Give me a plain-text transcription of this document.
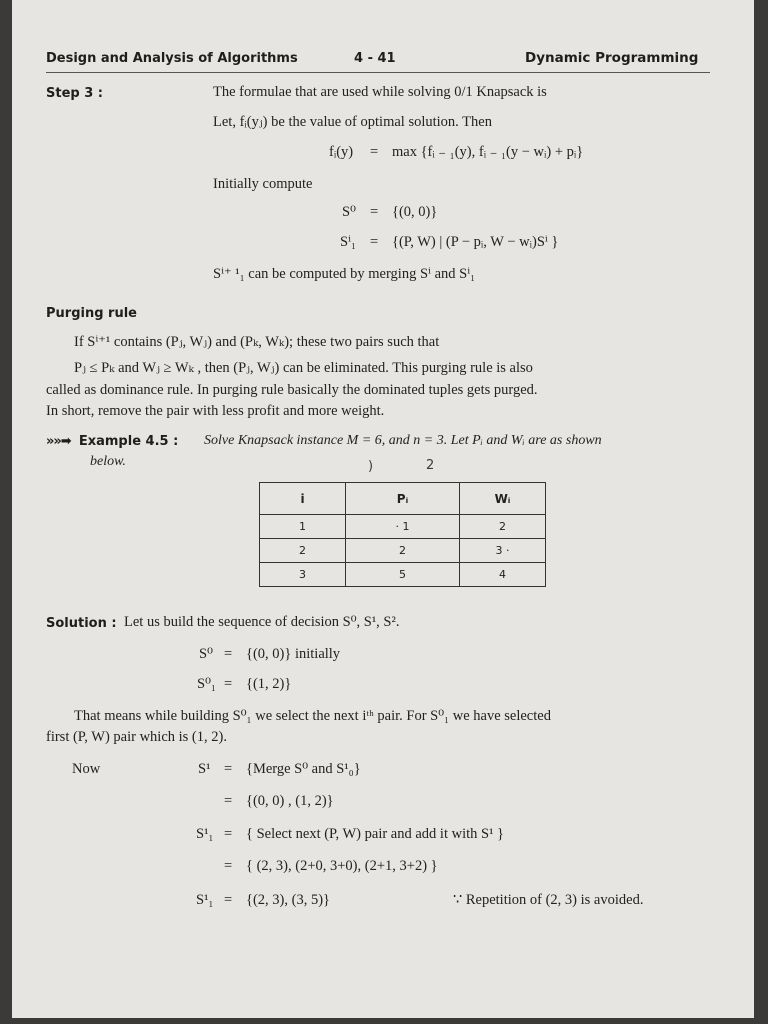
Design and Analysis of Algorithms	4 - 41	Dynamic Programming
Step 3 :	The formulae that are used while solving 0/1 Knapsack is
Let, fᵢ(yⱼ) be the value of optimal solution. Then
fᵢ(y) = max {fᵢ ₋ ₁(y), fᵢ ₋ ₁(y − wᵢ) + pᵢ}
Initially compute
S⁰ = {(0, 0)}
Sⁱ₁ = {(P, W) | (P − pᵢ, W − wᵢ)Sⁱ }
Sⁱ⁺ ¹₁ can be computed by merging Sⁱ and Sⁱ₁
Purging rule
If Sⁱ⁺¹ contains (Pⱼ, Wⱼ) and (Pₖ, Wₖ); these two pairs such that
Pⱼ ≤ Pₖ and Wⱼ ≥ Wₖ , then (Pⱼ, Wⱼ) can be eliminated. This purging rule is also
called as dominance rule. In purging rule basically the dominated tuples gets purged.
In short, remove the pair with less profit and more weight.
»»➡ Example 4.5 : Solve Knapsack instance M = 6, and n = 3. Let Pᵢ and Wᵢ are as shown
below.	)	2
i	Pᵢ	Wᵢ
1	· 1	2
2	2	3 ·
3	5	4
Solution : Let us build the sequence of decision S⁰, S¹, S².
S⁰ = {(0, 0)} initially
S⁰₁ = {(1, 2)}
That means while building S⁰₁ we select the next iᵗʰ pair. For S⁰₁ we have selected
first (P, W) pair which is (1, 2).
Now	S¹ = {Merge S⁰ and S¹₀}
= {(0, 0) , (1, 2)}
S¹₁ = { Select next (P, W) pair and add it with S¹ }
= { (2, 3), (2+0, 3+0), (2+1, 3+2) }
S¹₁ = {(2, 3), (3, 5)}	∵ Repetition of (2, 3) is avoided.
